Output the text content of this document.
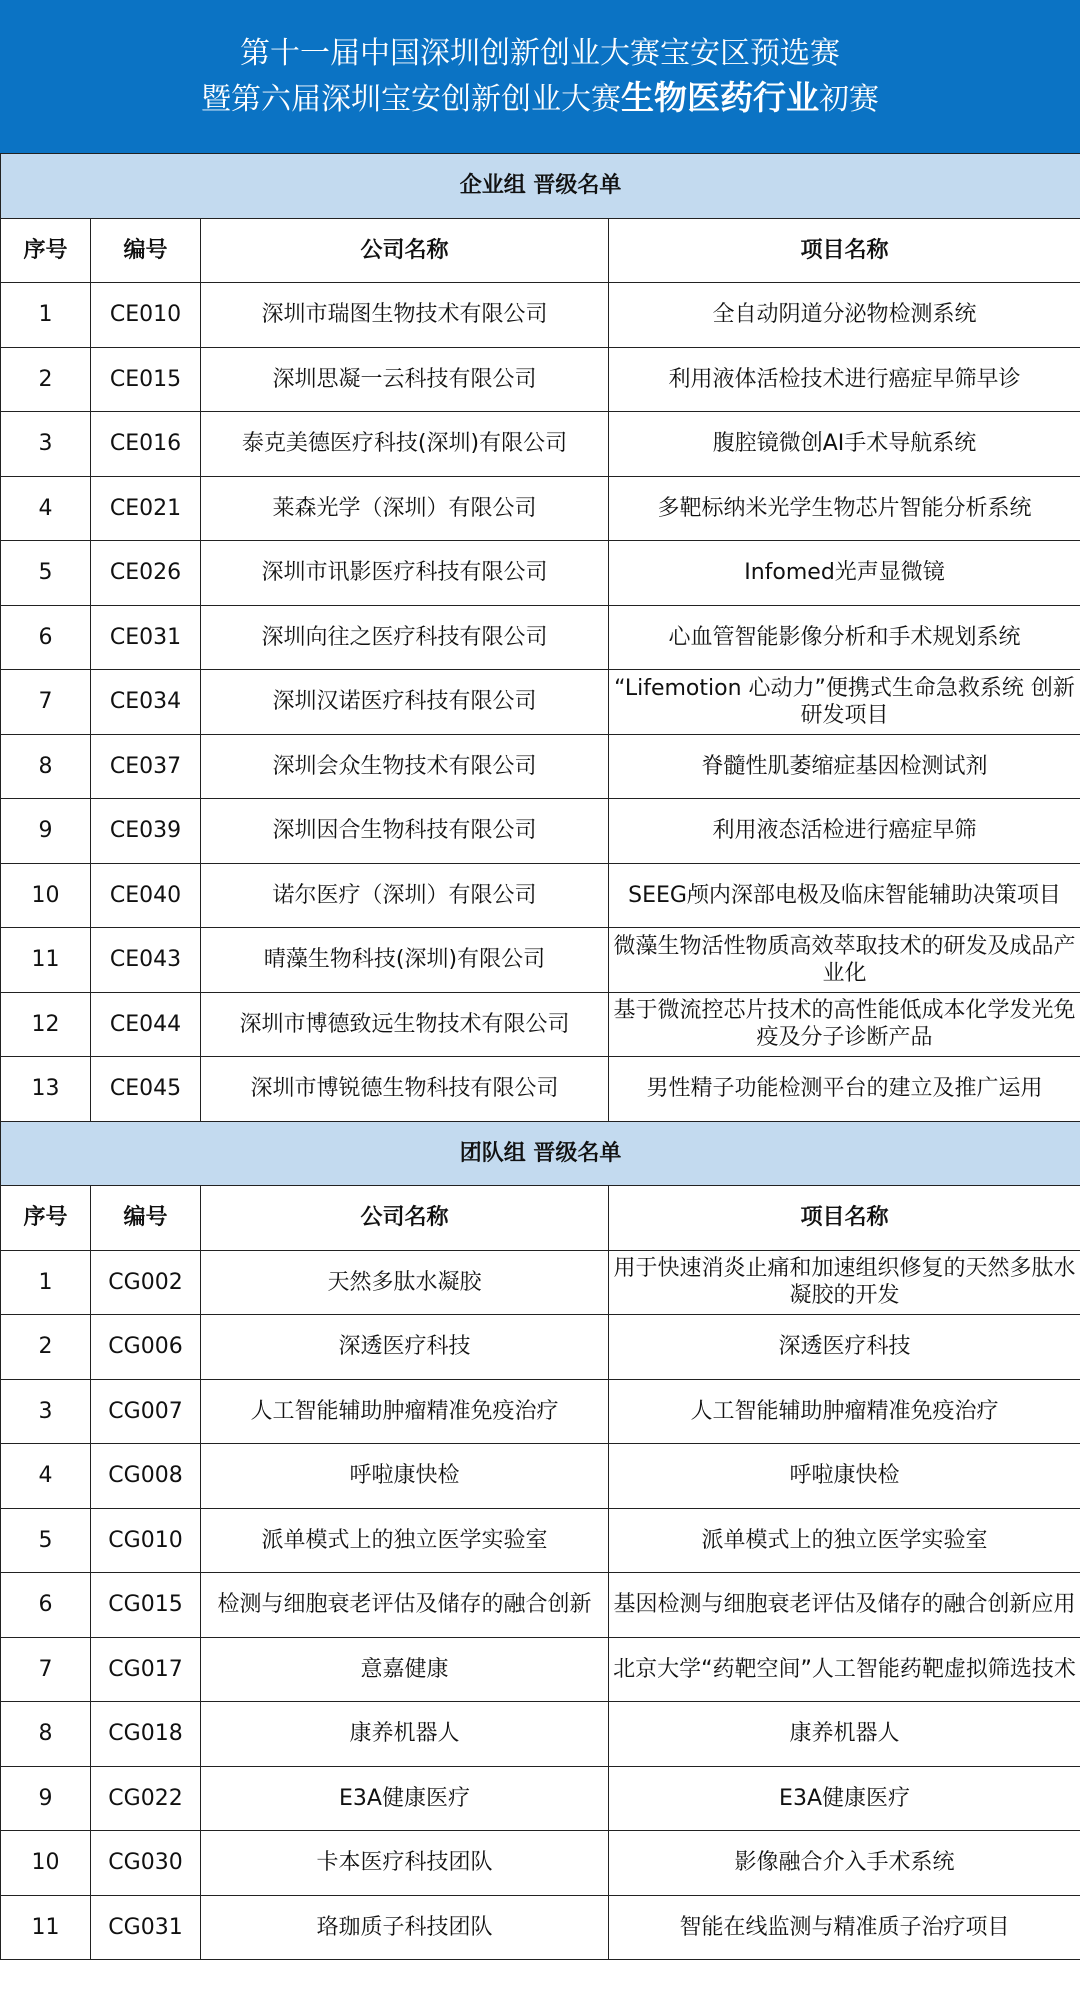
第十一届中国深圳创新创业大赛宝安区预选赛
暨第六届深圳宝安创新创业大赛生物医药行业初赛
企业组 晋级名单			
序号	编号	公司名称	项目名称
1	CE010	深圳市瑞图生物技术有限公司	全自动阴道分泌物检测系统
2	CE015	深圳思凝一云科技有限公司	利用液体活检技术进行癌症早筛早诊
3	CE016	泰克美德医疗科技(深圳)有限公司	腹腔镜微创AI手术导航系统
4	CE021	莱森光学（深圳）有限公司	多靶标纳米光学生物芯片智能分析系统
5	CE026	深圳市讯影医疗科技有限公司	Infomed光声显微镜
6	CE031	深圳向往之医疗科技有限公司	心血管智能影像分析和手术规划系统
7	CE034	深圳汉诺医疗科技有限公司	“Lifemotion 心动力”便携式生命急救系统 创新研发项目
8	CE037	深圳会众生物技术有限公司	脊髓性肌萎缩症基因检测试剂
9	CE039	深圳因合生物科技有限公司	利用液态活检进行癌症早筛
10	CE040	诺尔医疗（深圳）有限公司	SEEG颅内深部电极及临床智能辅助决策项目
11	CE043	晴藻生物科技(深圳)有限公司	微藻生物活性物质高效萃取技术的研发及成品产业化
12	CE044	深圳市博德致远生物技术有限公司	基于微流控芯片技术的高性能低成本化学发光免疫及分子诊断产品
13	CE045	深圳市博锐德生物科技有限公司	男性精子功能检测平台的建立及推广运用
团队组 晋级名单			
序号	编号	公司名称	项目名称
1	CG002	天然多肽水凝胶	用于快速消炎止痛和加速组织修复的天然多肽水凝胶的开发
2	CG006	深透医疗科技	深透医疗科技
3	CG007	人工智能辅助肿瘤精准免疫治疗	人工智能辅助肿瘤精准免疫治疗
4	CG008	呼啦康快检	呼啦康快检
5	CG010	派单模式上的独立医学实验室	派单模式上的独立医学实验室
6	CG015	检测与细胞衰老评估及储存的融合创新	基因检测与细胞衰老评估及储存的融合创新应用
7	CG017	意嘉健康	北京大学“药靶空间”人工智能药靶虚拟筛选技术
8	CG018	康养机器人	康养机器人
9	CG022	E3A健康医疗	E3A健康医疗
10	CG030	卡本医疗科技团队	影像融合介入手术系统
11	CG031	珞珈质子科技团队	智能在线监测与精准质子治疗项目
